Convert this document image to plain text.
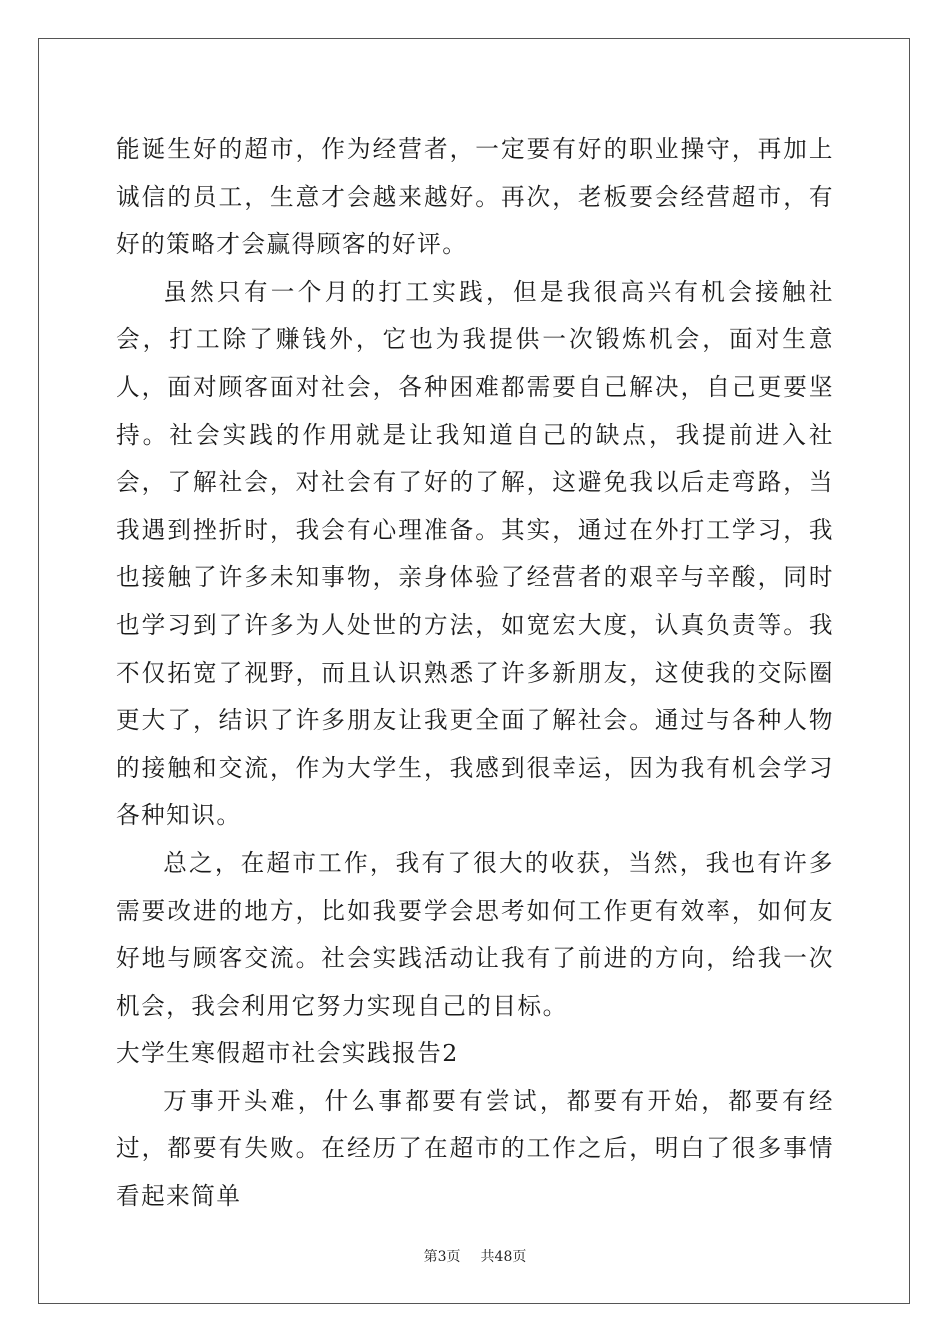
能诞生好的超市，作为经营者，一定要有好的职业操守，再加上诚信的员工，生意才会越来越好。再次，老板要会经营超市，有好的策略才会赢得顾客的好评。

虽然只有一个月的打工实践，但是我很高兴有机会接触社会，打工除了赚钱外，它也为我提供一次锻炼机会，面对生意人，面对顾客面对社会，各种困难都需要自己解决，自己更要坚持。社会实践的作用就是让我知道自己的缺点，我提前进入社会，了解社会，对社会有了好的了解，这避免我以后走弯路，当我遇到挫折时，我会有心理准备。其实，通过在外打工学习，我也接触了许多未知事物，亲身体验了经营者的艰辛与辛酸，同时也学习到了许多为人处世的方法，如宽宏大度，认真负责等。我不仅拓宽了视野，而且认识熟悉了许多新朋友，这使我的交际圈更大了，结识了许多朋友让我更全面了解社会。通过与各种人物的接触和交流，作为大学生，我感到很幸运，因为我有机会学习各种知识。

总之，在超市工作，我有了很大的收获，当然，我也有许多需要改进的地方，比如我要学会思考如何工作更有效率，如何友好地与顾客交流。社会实践活动让我有了前进的方向，给我一次机会，我会利用它努力实现自己的目标。

大学生寒假超市社会实践报告2

万事开头难，什么事都要有尝试，都要有开始，都要有经过，都要有失败。在经历了在超市的工作之后，明白了很多事情看起来简单

第3页 共48页
